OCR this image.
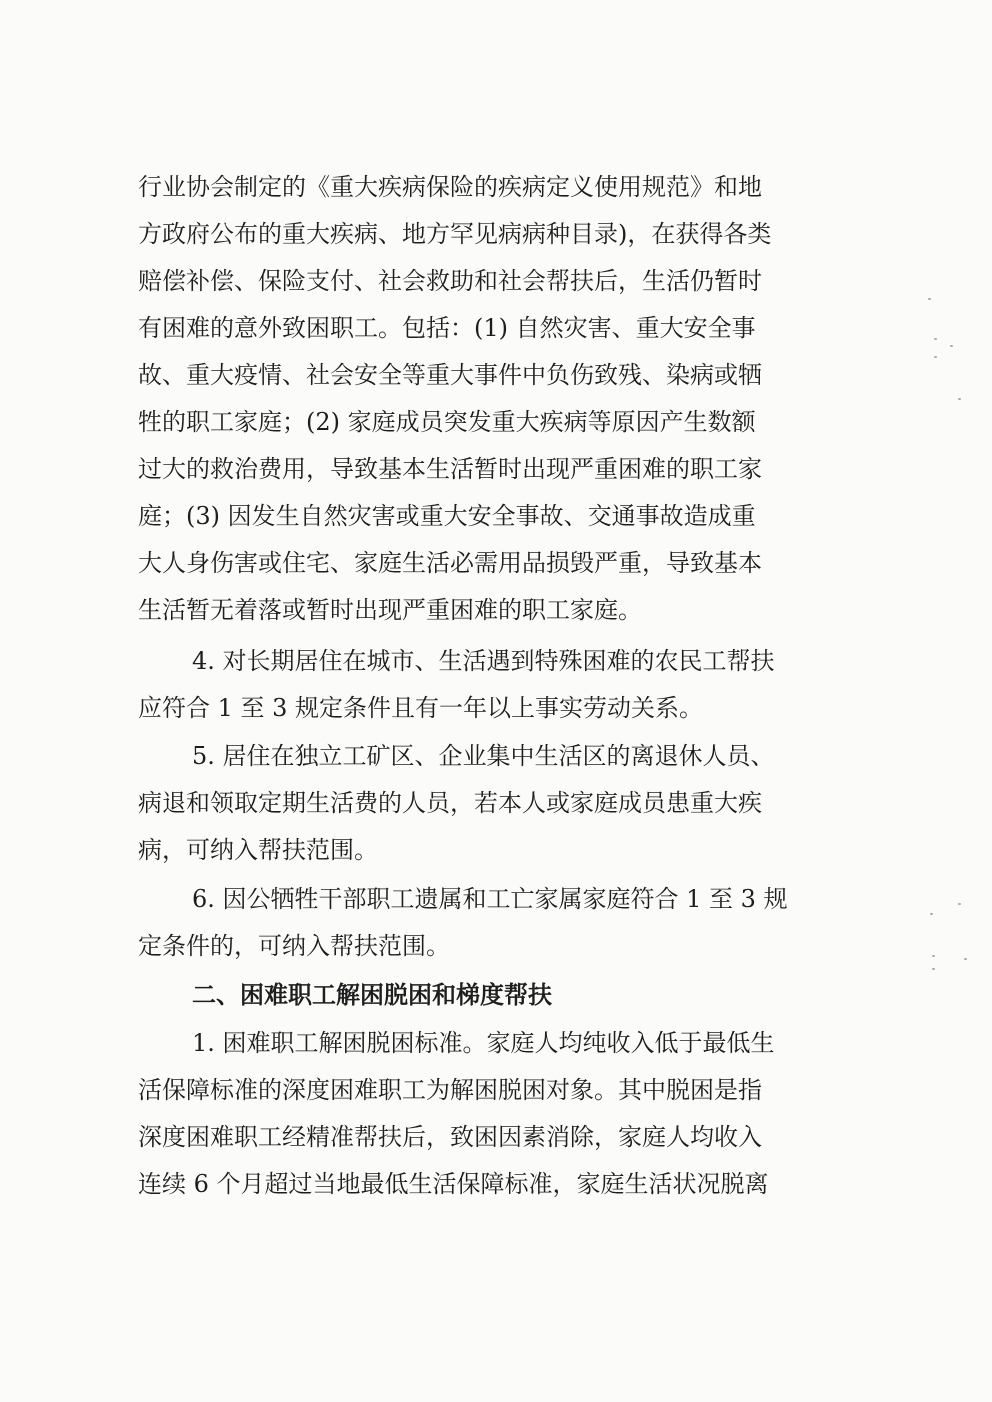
行业协会制定的《重大疾病保险的疾病定义使用规范》和地
方政府公布的重大疾病、地方罕见病病种目录)，在获得各类
赔偿补偿、保险支付、社会救助和社会帮扶后，生活仍暂时
有困难的意外致困职工。包括：(1) 自然灾害、重大安全事
故、重大疫情、社会安全等重大事件中负伤致残、染病或牺
牲的职工家庭；(2) 家庭成员突发重大疾病等原因产生数额
过大的救治费用，导致基本生活暂时出现严重困难的职工家
庭；(3) 因发生自然灾害或重大安全事故、交通事故造成重
大人身伤害或住宅、家庭生活必需用品损毁严重，导致基本
生活暂无着落或暂时出现严重困难的职工家庭。
4. 对长期居住在城市、生活遇到特殊困难的农民工帮扶
应符合 1 至 3 规定条件且有一年以上事实劳动关系。
5. 居住在独立工矿区、企业集中生活区的离退休人员、
病退和领取定期生活费的人员，若本人或家庭成员患重大疾
病，可纳入帮扶范围。
6. 因公牺牲干部职工遗属和工亡家属家庭符合 1 至 3 规
定条件的，可纳入帮扶范围。
二、困难职工解困脱困和梯度帮扶
1. 困难职工解困脱困标准。家庭人均纯收入低于最低生
活保障标准的深度困难职工为解困脱困对象。其中脱困是指
深度困难职工经精准帮扶后，致困因素消除，家庭人均收入
连续 6 个月超过当地最低生活保障标准，家庭生活状况脱离
